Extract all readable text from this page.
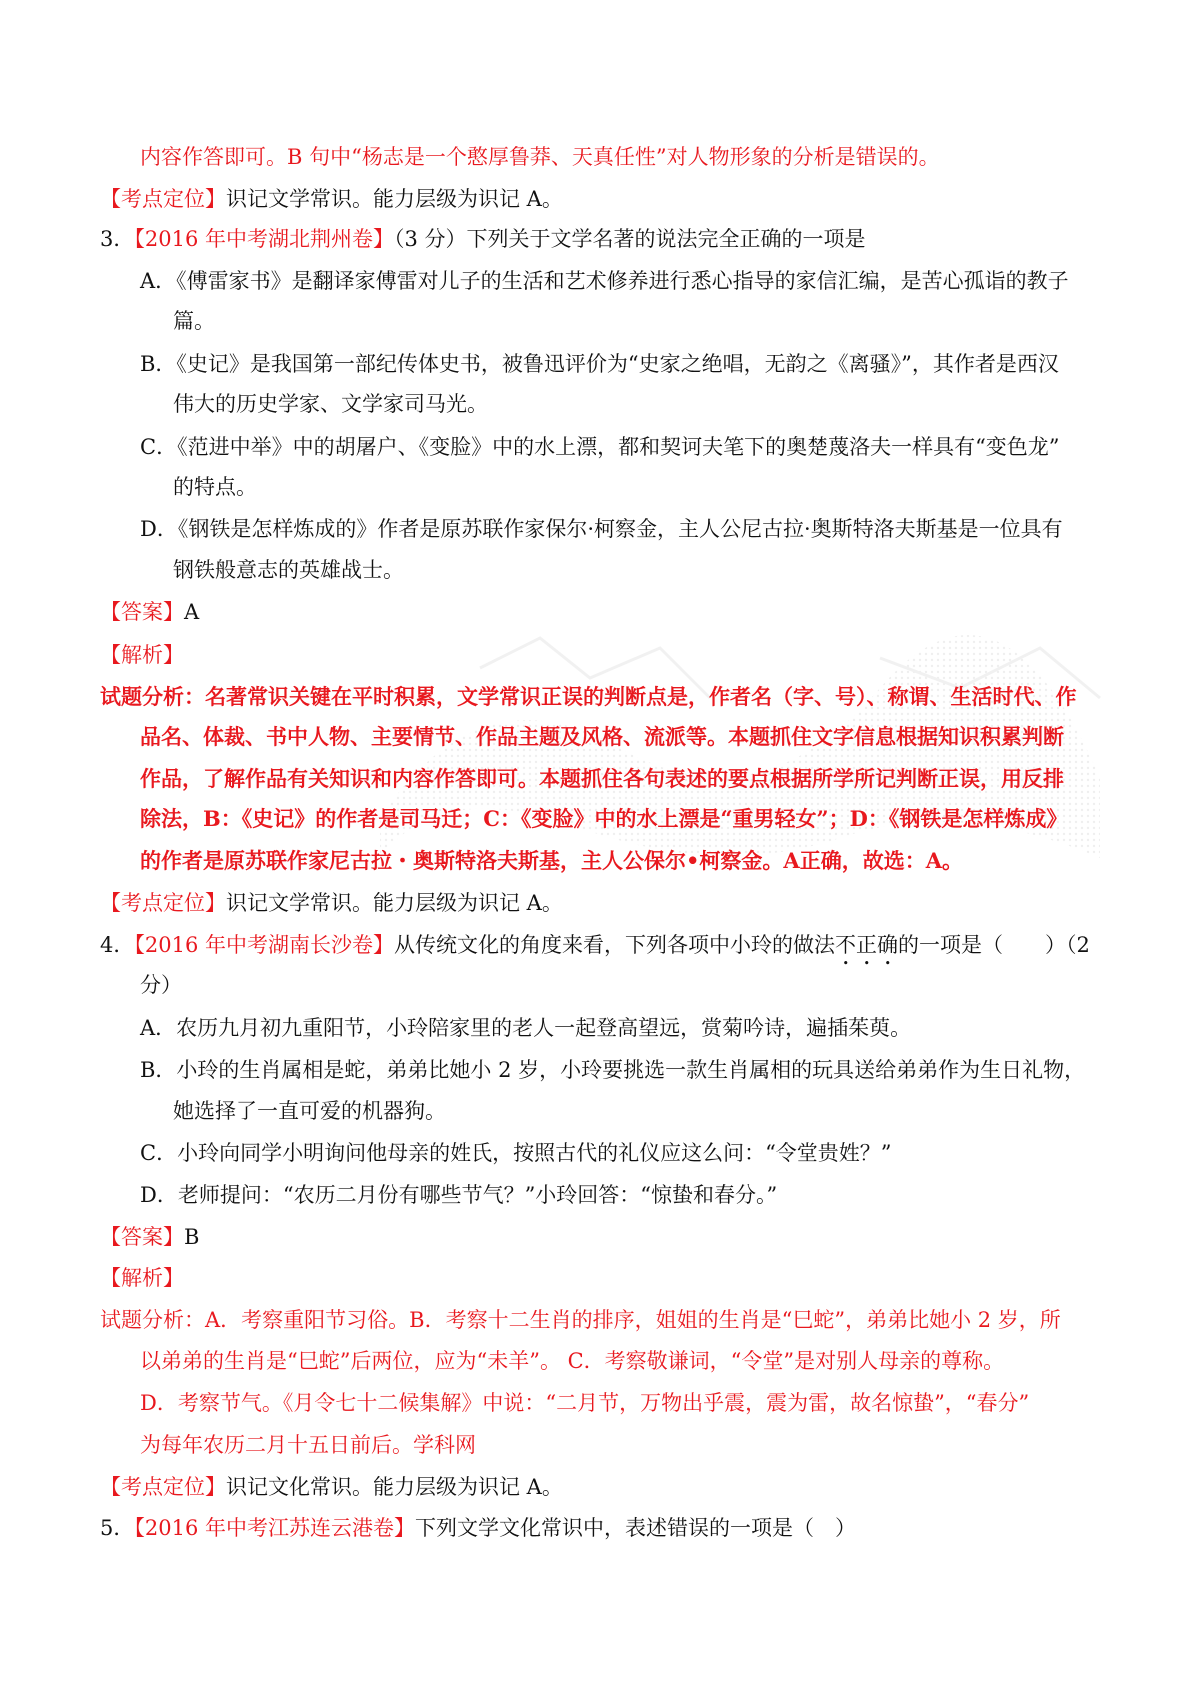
内容作答即可。B 句中“杨志是一个憨厚鲁莽、天真任性”对人物形象的分析是错误的。
【考点定位】识记文学常识。能力层级为识记 A。
3．【2016 年中考湖北荆州卷】（3 分）下列关于文学名著的说法完全正确的一项是
A．《傅雷家书》是翻译家傅雷对儿子的生活和艺术修养进行悉心指导的家信汇编，是苦心孤诣的教子
篇。
B．《史记》是我国第一部纪传体史书，被鲁迅评价为“史家之绝唱，无韵之《离骚》”，其作者是西汉
伟大的历史学家、文学家司马光。
C．《范进中举》中的胡屠户、《变脸》中的水上漂，都和契诃夫笔下的奥楚蔑洛夫一样具有“变色龙”
的特点。
D．《钢铁是怎样炼成的》作者是原苏联作家保尔·柯察金，主人公尼古拉·奥斯特洛夫斯基是一位具有
钢铁般意志的英雄战士。
【答案】A
【解析】
试题分析：名著常识关键在平时积累，文学常识正误的判断点是，作者名（字、号）、称谓、生活时代、作
品名、体裁、书中人物、主要情节、作品主题及风格、流派等。本题抓住文字信息根据知识积累判断
作品，了解作品有关知识和内容作答即可。本题抓住各句表述的要点根据所学所记判断正误，用反排
除法，B：《史记》的作者是司马迁；C：《变脸》中的水上漂是“重男轻女”；D：《钢铁是怎样炼成》
的作者是原苏联作家尼古拉・奥斯特洛夫斯基，主人公保尔•柯察金。A正确，故选：A。
【考点定位】识记文学常识。能力层级为识记 A。
4．【2016 年中考湖南长沙卷】从传统文化的角度来看，下列各项中小玲的做法不正确的一项是（　　）（2
分）
A．农历九月初九重阳节，小玲陪家里的老人一起登高望远，赏菊吟诗，遍插茱萸。
B．小玲的生肖属相是蛇，弟弟比她小 2 岁，小玲要挑选一款生肖属相的玩具送给弟弟作为生日礼物，
她选择了一直可爱的机器狗。
C．小玲向同学小明询问他母亲的姓氏，按照古代的礼仪应这么问：“令堂贵姓？”
D．老师提问：“农历二月份有哪些节气？”小玲回答：“惊蛰和春分。”
【答案】B
【解析】
试题分析：A．考察重阳节习俗。B．考察十二生肖的排序，姐姐的生肖是“巳蛇”，弟弟比她小 2 岁，所
以弟弟的生肖是“巳蛇”后两位，应为“未羊”。 C．考察敬谦词，“令堂”是对别人母亲的尊称。
D．考察节气。《月令七十二候集解》中说：“二月节，万物出乎震，震为雷，故名惊蛰”，“春分”
为每年农历二月十五日前后。学科网
【考点定位】识记文化常识。能力层级为识记 A。
5．【2016 年中考江苏连云港卷】下列文学文化常识中，表述错误的一项是（　）
